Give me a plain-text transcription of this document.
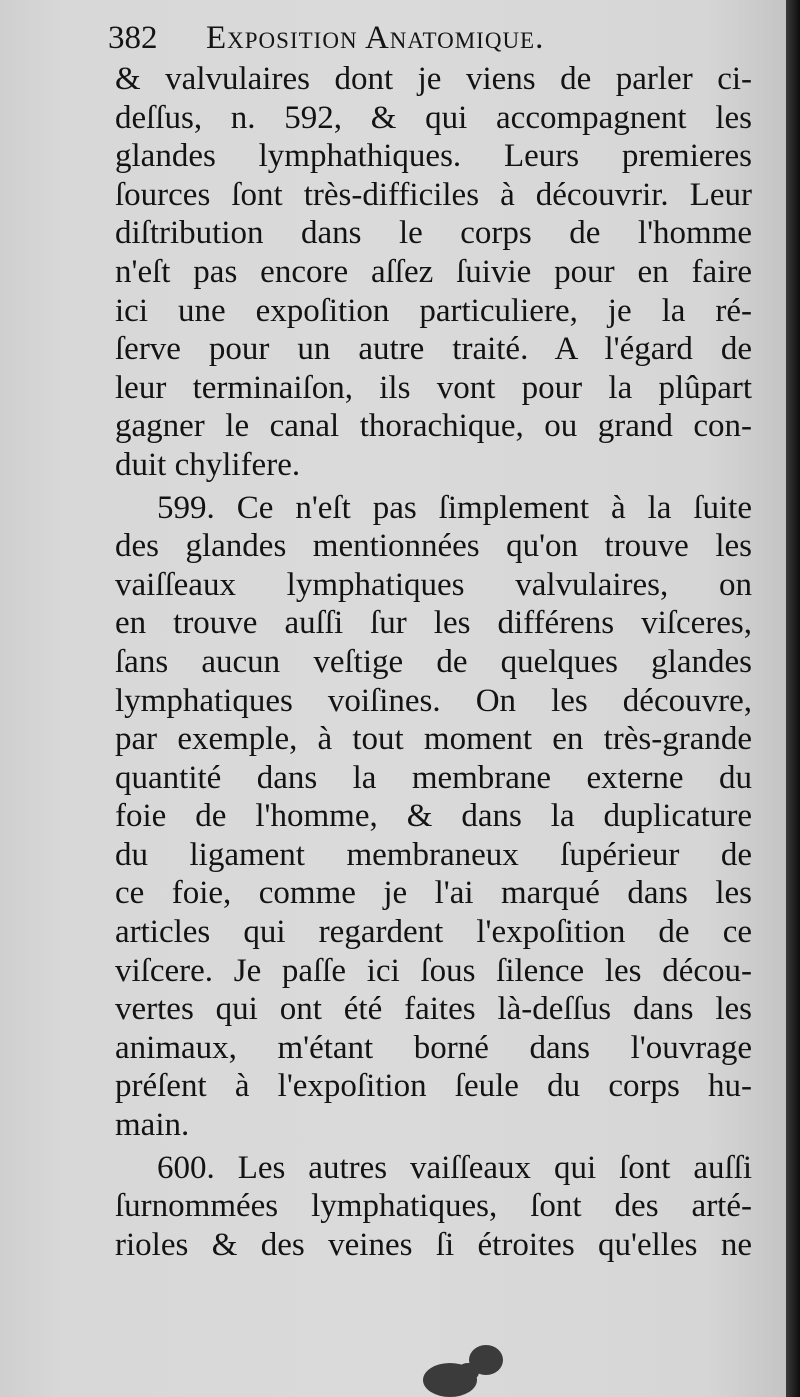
382 Exposition Anatomique.
& valvulaires dont je viens de parler ci-
deſſus, n. 592, & qui accompagnent les
glandes lymphathiques. Leurs premieres
ſources ſont très-difficiles à découvrir. Leur
diſtribution dans le corps de l'homme
n'eſt pas encore aſſez ſuivie pour en faire
ici une expoſition particuliere, je la ré-
ſerve pour un autre traité. A l'égard de
leur terminaiſon, ils vont pour la plûpart
gagner le canal thorachique, ou grand con-
duit chylifere.
599. Ce n'eſt pas ſimplement à la ſuite
des glandes mentionnées qu'on trouve les
vaiſſeaux lymphatiques valvulaires, on
en trouve auſſi ſur les différens viſceres,
ſans aucun veſtige de quelques glandes
lymphatiques voiſines. On les découvre,
par exemple, à tout moment en très-grande
quantité dans la membrane externe du
foie de l'homme, & dans la duplicature
du ligament membraneux ſupérieur de
ce foie, comme je l'ai marqué dans les
articles qui regardent l'expoſition de ce
viſcere. Je paſſe ici ſous ſilence les décou-
vertes qui ont été faites là-deſſus dans les
animaux, m'étant borné dans l'ouvrage
préſent à l'expoſition ſeule du corps hu-
main.
600. Les autres vaiſſeaux qui ſont auſſi
ſurnommées lymphatiques, ſont des arté-
rioles & des veines ſi étroites qu'elles ne
